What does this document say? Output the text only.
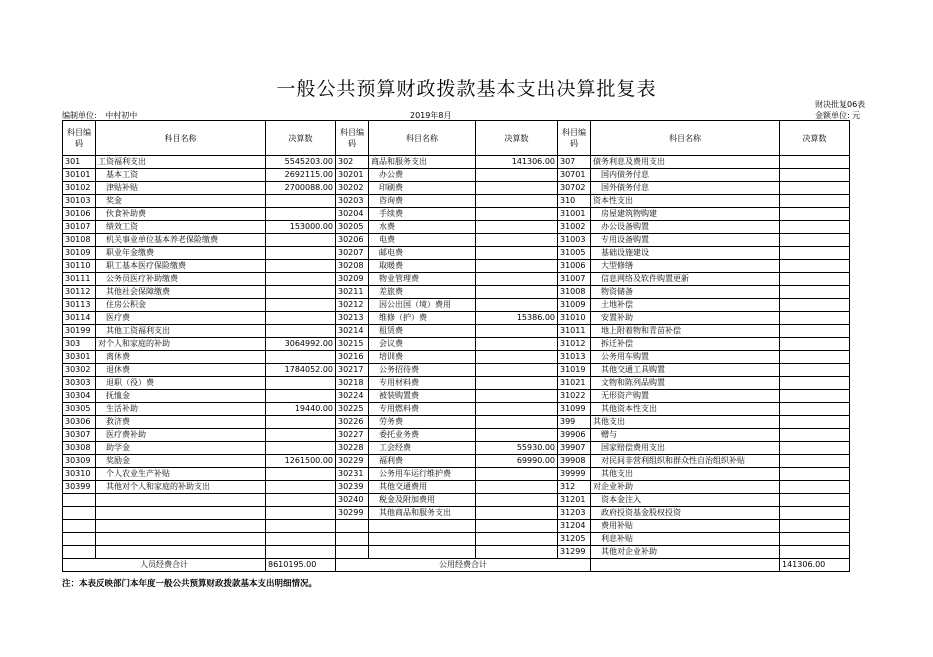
一般公共预算财政拨款基本支出决算批复表
编制单位: 中村初中	2019年8月
财决批复06表
金额单位: 元
科目编码	科目名称	决算数	科目编码	科目名称	决算数	科目编码	科目名称	决算数
301	工资福利支出	5545203.00	302	商品和服务支出	141306.00	307	债务利息及费用支出	
30101	基本工资	2692115.00	30201	办公费		30701	国内债务付息	
30102	津贴补贴	2700088.00	30202	印刷费		30702	国外债务付息	
30103	奖金		30203	咨询费		310	资本性支出	
30106	伙食补助费		30204	手续费		31001	房屋建筑物购建	
30107	绩效工资	153000.00	30205	水费		31002	办公设备购置	
30108	机关事业单位基本养老保险缴费		30206	电费		31003	专用设备购置	
30109	职业年金缴费		30207	邮电费		31005	基础设施建设	
30110	职工基本医疗保险缴费		30208	取暖费		31006	大型修缮	
30111	公务员医疗补助缴费		30209	物业管理费		31007	信息网络及软件购置更新	
30112	其他社会保障缴费		30211	差旅费		31008	物资储备	
30113	住房公积金		30212	因公出国（境）费用		31009	土地补偿	
30114	医疗费		30213	维修（护）费	15386.00	31010	安置补助	
30199	其他工资福利支出		30214	租赁费		31011	地上附着物和青苗补偿	
303	对个人和家庭的补助	3064992.00	30215	会议费		31012	拆迁补偿	
30301	离休费		30216	培训费		31013	公务用车购置	
30302	退休费	1784052.00	30217	公务招待费		31019	其他交通工具购置	
30303	退职（役）费		30218	专用材料费		31021	文物和陈列品购置	
30304	抚恤金		30224	被装购置费		31022	无形资产购置	
30305	生活补助	19440.00	30225	专用燃料费		31099	其他资本性支出	
30306	救济费		30226	劳务费		399	其他支出	
30307	医疗费补助		30227	委托业务费		39906	赠与	
30308	助学金		30228	工会经费	55930.00	39907	国家赔偿费用支出	
30309	奖励金	1261500.00	30229	福利费	69990.00	39908	对民间非营利组织和群众性自治组织补贴	
30310	个人农业生产补贴		30231	公务用车运行维护费		39999	其他支出	
30399	其他对个人和家庭的补助支出		30239	其他交通费用		312	对企业补助	
			30240	税金及附加费用		31201	资本金注入	
			30299	其他商品和服务支出		31203	政府投资基金股权投资	
						31204	费用补贴	
						31205	利息补贴	
						31299	其他对企业补助	
人员经费合计		8610195.00	公用经费合计					141306.00
注：本表反映部门本年度一般公共预算财政拨款基本支出明细情况。
